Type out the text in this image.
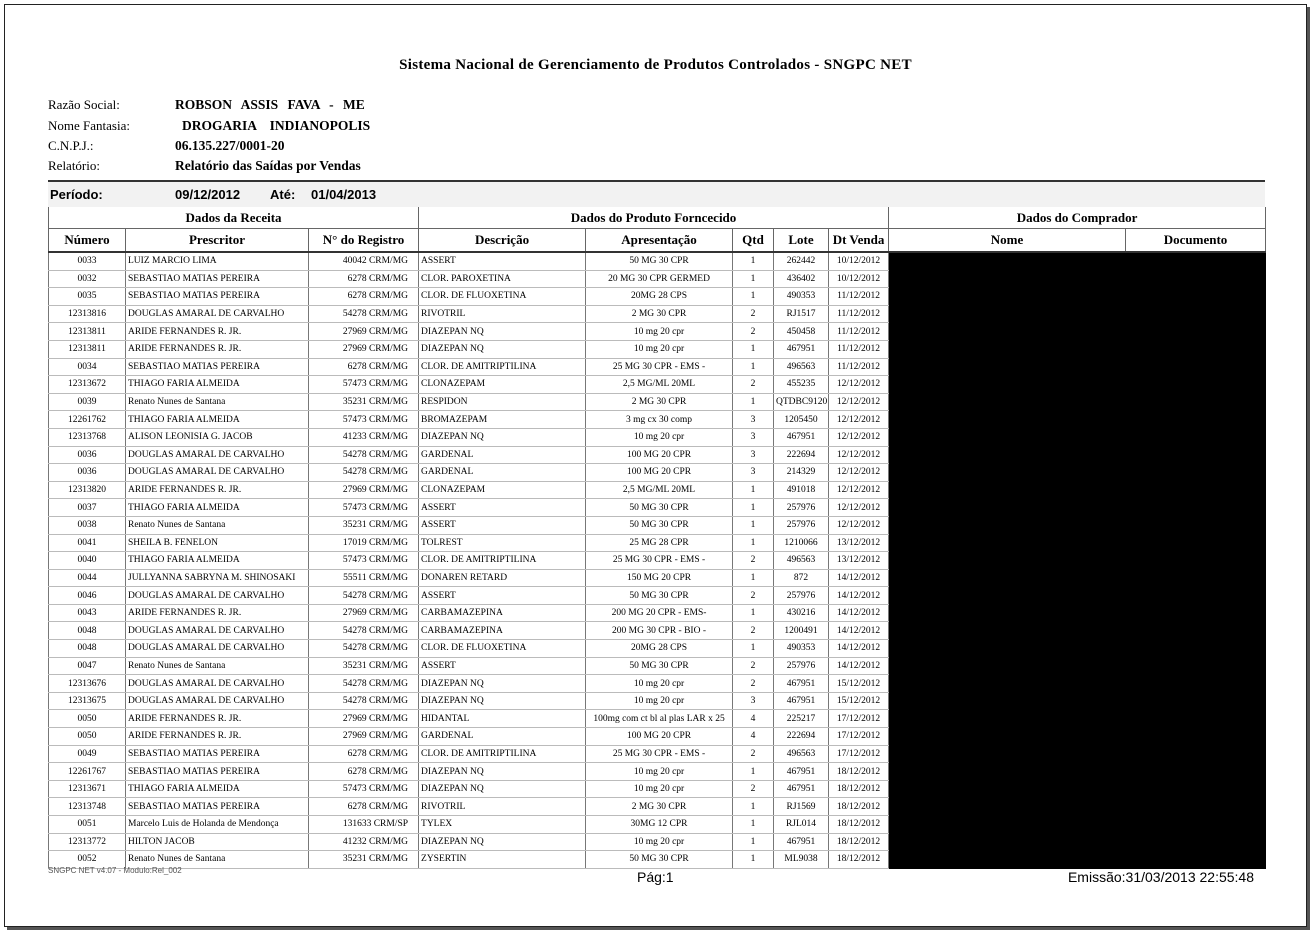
Sistema Nacional de Gerenciamento de Produtos Controlados - SNGPC NET
Razão Social:	ROBSON ASSIS FAVA - ME
Nome Fantasia:	DROGARIA INDIANOPOLIS
C.N.P.J.:	06.135.227/0001-20
Relatório:	Relatório das Saídas por Vendas
Período:	09/12/2012 Até: 01/04/2013
Dados da Receita			Dados do Produto Forncecido					Dados do Comprador	
Número	Prescritor	N° do Registro	Descrição	Apresentação	Qtd	Lote	Dt Venda	Nome	Documento
0033	LUIZ MARCIO LIMA	40042 CRM/MG	ASSERT	50 MG 30 CPR	1	262442	10/12/2012		
0032	SEBASTIAO MATIAS PEREIRA	6278 CRM/MG	CLOR. PAROXETINA	20 MG 30 CPR GERMED	1	436402	10/12/2012		
0035	SEBASTIAO MATIAS PEREIRA	6278 CRM/MG	CLOR. DE FLUOXETINA	20MG 28 CPS	1	490353	11/12/2012		
12313816	DOUGLAS AMARAL DE CARVALHO	54278 CRM/MG	RIVOTRIL	2 MG 30 CPR	2	RJ1517	11/12/2012		
12313811	ARIDE FERNANDES R. JR.	27969 CRM/MG	DIAZEPAN NQ	10 mg 20 cpr	2	450458	11/12/2012		
12313811	ARIDE FERNANDES R. JR.	27969 CRM/MG	DIAZEPAN NQ	10 mg 20 cpr	1	467951	11/12/2012		
0034	SEBASTIAO MATIAS PEREIRA	6278 CRM/MG	CLOR. DE AMITRIPTILINA	25 MG 30 CPR - EMS -	1	496563	11/12/2012		
12313672	THIAGO FARIA ALMEIDA	57473 CRM/MG	CLONAZEPAM	2,5 MG/ML 20ML	2	455235	12/12/2012		
0039	Renato Nunes de Santana	35231 CRM/MG	RESPIDON	2 MG 30 CPR	1	QTDBC9120	12/12/2012		
12261762	THIAGO FARIA ALMEIDA	57473 CRM/MG	BROMAZEPAM	3 mg cx 30 comp	3	1205450	12/12/2012		
12313768	ALISON LEONISIA G. JACOB	41233 CRM/MG	DIAZEPAN NQ	10 mg 20 cpr	3	467951	12/12/2012		
0036	DOUGLAS AMARAL DE CARVALHO	54278 CRM/MG	GARDENAL	100 MG 20 CPR	3	222694	12/12/2012		
0036	DOUGLAS AMARAL DE CARVALHO	54278 CRM/MG	GARDENAL	100 MG 20 CPR	3	214329	12/12/2012		
12313820	ARIDE FERNANDES R. JR.	27969 CRM/MG	CLONAZEPAM	2,5 MG/ML 20ML	1	491018	12/12/2012		
0037	THIAGO FARIA ALMEIDA	57473 CRM/MG	ASSERT	50 MG 30 CPR	1	257976	12/12/2012		
0038	Renato Nunes de Santana	35231 CRM/MG	ASSERT	50 MG 30 CPR	1	257976	12/12/2012		
0041	SHEILA B. FENELON	17019 CRM/MG	TOLREST	25 MG 28 CPR	1	1210066	13/12/2012		
0040	THIAGO FARIA ALMEIDA	57473 CRM/MG	CLOR. DE AMITRIPTILINA	25 MG 30 CPR - EMS -	2	496563	13/12/2012		
0044	JULLYANNA SABRYNA M. SHINOSAKI	55511 CRM/MG	DONAREN RETARD	150 MG 20 CPR	1	872	14/12/2012		
0046	DOUGLAS AMARAL DE CARVALHO	54278 CRM/MG	ASSERT	50 MG 30 CPR	2	257976	14/12/2012		
0043	ARIDE FERNANDES R. JR.	27969 CRM/MG	CARBAMAZEPINA	200 MG 20 CPR - EMS-	1	430216	14/12/2012		
0048	DOUGLAS AMARAL DE CARVALHO	54278 CRM/MG	CARBAMAZEPINA	200 MG 30 CPR - BIO -	2	1200491	14/12/2012		
0048	DOUGLAS AMARAL DE CARVALHO	54278 CRM/MG	CLOR. DE FLUOXETINA	20MG 28 CPS	1	490353	14/12/2012		
0047	Renato Nunes de Santana	35231 CRM/MG	ASSERT	50 MG 30 CPR	2	257976	14/12/2012		
12313676	DOUGLAS AMARAL DE CARVALHO	54278 CRM/MG	DIAZEPAN NQ	10 mg 20 cpr	2	467951	15/12/2012		
12313675	DOUGLAS AMARAL DE CARVALHO	54278 CRM/MG	DIAZEPAN NQ	10 mg 20 cpr	3	467951	15/12/2012		
0050	ARIDE FERNANDES R. JR.	27969 CRM/MG	HIDANTAL	100mg com ct bl al plas LAR x 25	4	225217	17/12/2012		
0050	ARIDE FERNANDES R. JR.	27969 CRM/MG	GARDENAL	100 MG 20 CPR	4	222694	17/12/2012		
0049	SEBASTIAO MATIAS PEREIRA	6278 CRM/MG	CLOR. DE AMITRIPTILINA	25 MG 30 CPR - EMS -	2	496563	17/12/2012		
12261767	SEBASTIAO MATIAS PEREIRA	6278 CRM/MG	DIAZEPAN NQ	10 mg 20 cpr	1	467951	18/12/2012		
12313671	THIAGO FARIA ALMEIDA	57473 CRM/MG	DIAZEPAN NQ	10 mg 20 cpr	2	467951	18/12/2012		
12313748	SEBASTIAO MATIAS PEREIRA	6278 CRM/MG	RIVOTRIL	2 MG 30 CPR	1	RJ1569	18/12/2012		
0051	Marcelo Luis de Holanda de Mendonça	131633 CRM/SP	TYLEX	30MG 12 CPR	1	RJL014	18/12/2012		
12313772	HILTON JACOB	41232 CRM/MG	DIAZEPAN NQ	10 mg 20 cpr	1	467951	18/12/2012		
0052	Renato Nunes de Santana	35231 CRM/MG	ZYSERTIN	50 MG 30 CPR	1	ML9038	18/12/2012		
SNGPC NET v4.07 - Modulo:Rel_002	Pág:1	Emissão:31/03/2013 22:55:48
